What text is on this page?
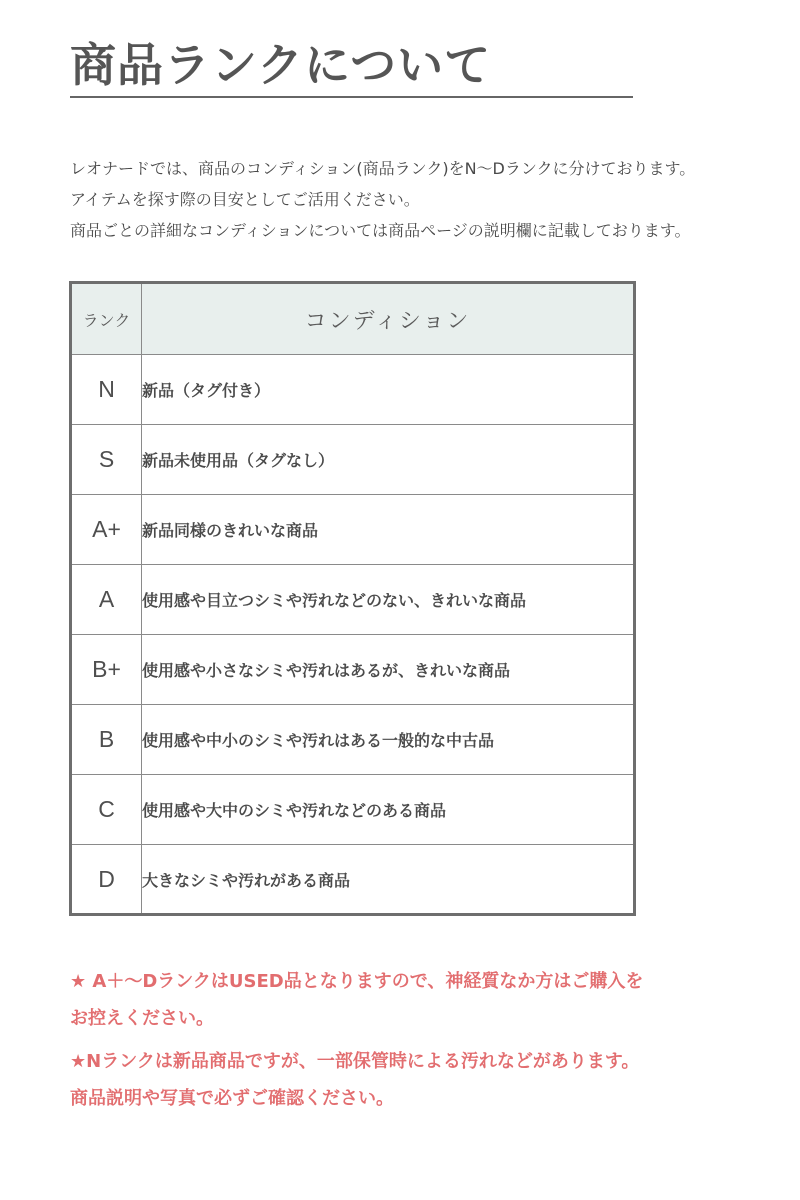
商品ランクについて
レオナードでは、商品のコンディション(商品ランク)をN〜Dランクに分けております。
アイテムを探す際の目安としてご活用ください。
商品ごとの詳細なコンディションについては商品ページの説明欄に記載しております。
ランク	コンディション
N	新品（タグ付き）
S	新品未使用品（タグなし）
A+	新品同様のきれいな商品
A	使用感や目立つシミや汚れなどのない、きれいな商品
B+	使用感や小さなシミや汚れはあるが、きれいな商品
B	使用感や中小のシミや汚れはある一般的な中古品
C	使用感や大中のシミや汚れなどのある商品
D	大きなシミや汚れがある商品
★ A＋〜DランクはUSED品となりますので、神経質なか方はご購入を
お控えください。
★Nランクは新品商品ですが、一部保管時による汚れなどがあります。
商品説明や写真で必ずご確認ください。
